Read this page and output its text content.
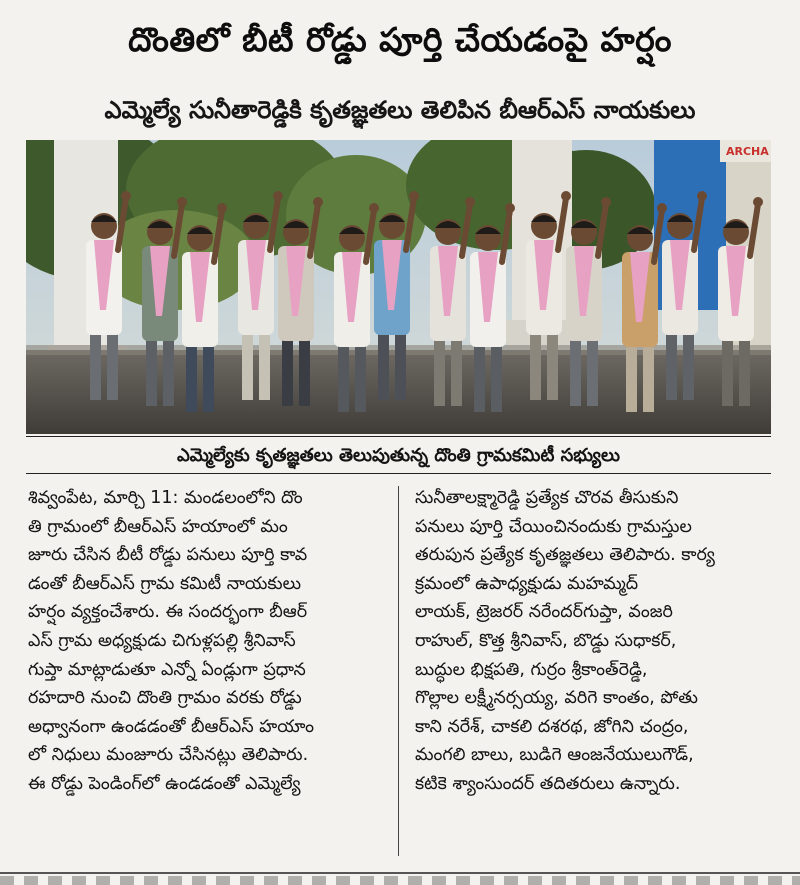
దొంతిలో బీటీ రోడ్డు పూర్తి చేయడంపై హర్షం
ఎమ్మెల్యే సునీతారెడ్డికి కృతజ్ఞతలు తెలిపిన బీఆర్ఎస్ నాయకులు
ARCHA
ఎమ్మెల్యేకు కృతజ్ఞతలు తెలుపుతున్న దొంతి గ్రామకమిటీ సభ్యులు

శివ్వంపేట, మార్చి 11: మండలంలోని దొం

తి గ్రామంలో బీఆర్ఎస్ హయాంలో మం

జూరు చేసిన బీటీ రోడ్డు పనులు పూర్తి కావ

డంతో బీఆర్ఎస్ గ్రామ కమిటీ నాయకులు

హర్షం వ్యక్తంచేశారు. ఈ సందర్భంగా బీఆర్

ఎస్ గ్రామ అధ్యక్షుడు చిగుళ్లపల్లి శ్రీనివాస్

గుప్తా మాట్లాడుతూ ఎన్నో ఏండ్లుగా ప్రధాన

రహదారి నుంచి దొంతి గ్రామం వరకు రోడ్డు

అధ్వానంగా ఉండడంతో బీఆర్ఎస్ హయాం

లో నిధులు మంజూరు చేసినట్లు తెలిపారు.

ఈ రోడ్డు పెండింగ్‌లో ఉండడంతో ఎమ్మెల్యే

సునీతాలక్ష్మారెడ్డి ప్రత్యేక చొరవ తీసుకుని

పనులు పూర్తి చేయించినందుకు గ్రామస్తుల

తరుపున ప్రత్యేక కృతజ్ఞతలు తెలిపారు. కార్య

క్రమంలో ఉపాధ్యక్షుడు మహమ్మద్

లాయక్, ట్రెజరర్ నరేందర్‌గుప్తా, వంజరి

రాహుల్, కొత్త శ్రీనివాస్, బొడ్డు సుధాకర్,

బుద్ధుల భిక్షపతి, గుర్రం శ్రీకాంత్‌రెడ్డి,

గొల్లాల లక్ష్మీనర్సయ్య, వరిగె కాంతం, పోతు

కాని నరేశ్, చాకలి దశరథ, జోగిని చంద్రం,

మంగలి బాలు, బుడిగె ఆంజనేయులుగౌడ్,

కటికె శ్యాంసుందర్ తదితరులు ఉన్నారు.
